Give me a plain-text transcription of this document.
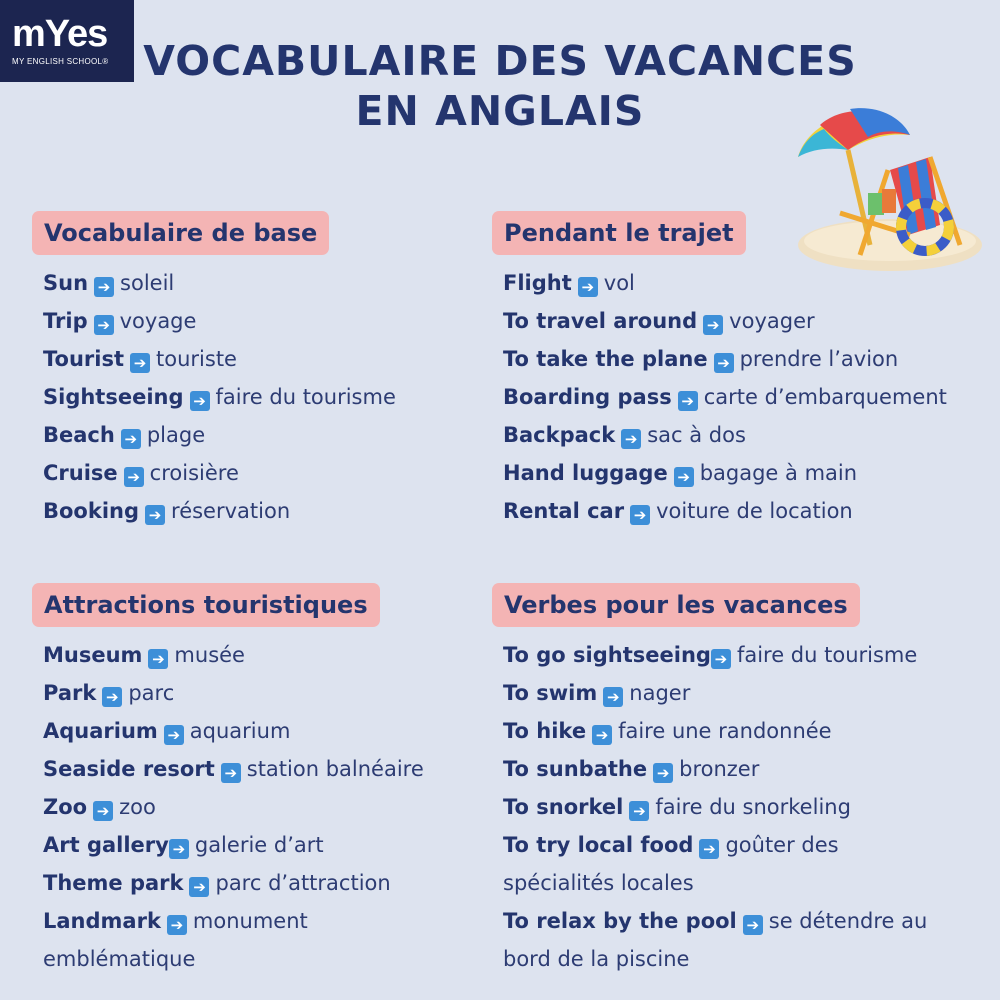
mYes
MY ENGLISH SCHOOL® VOCABULAIRE DES VACANCES
EN ANGLAIS
Vocabulaire de base
Sun ➔ soleil
Trip ➔ voyage
Tourist ➔ touriste
Sightseeing ➔ faire du tourisme
Beach ➔ plage
Cruise ➔ croisière
Booking ➔ réservation
Pendant le trajet
Flight ➔ vol
To travel around ➔ voyager
To take the plane ➔ prendre l’avion
Boarding pass ➔ carte d’embarquement
Backpack ➔ sac à dos
Hand luggage ➔ bagage à main
Rental car ➔ voiture de location
Attractions touristiques
Museum ➔ musée
Park ➔ parc
Aquarium ➔ aquarium
Seaside resort ➔ station balnéaire
Zoo ➔ zoo
Art gallery ➔ galerie d’art
Theme park ➔ parc d’attraction
Landmark ➔ monument
emblématique
Verbes pour les vacances
To go sightseeing ➔ faire du tourisme
To swim ➔ nager
To hike ➔ faire une randonnée
To sunbathe ➔ bronzer
To snorkel ➔ faire du snorkeling
To try local food ➔ goûter des
spécialités locales
To relax by the pool ➔ se détendre au
bord de la piscine
